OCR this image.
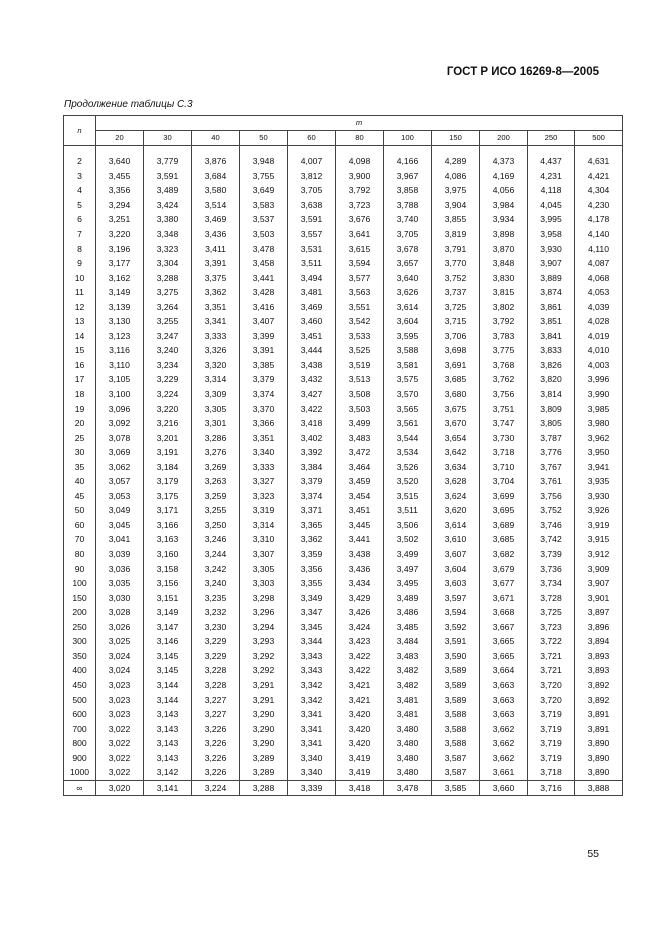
ГОСТ Р ИСО 16269-8—2005
Продолжение таблицы С.3
n	m										
	20	30	40	50	60	80	100	150	200	250	500

2	3,640	3,779	3,876	3,948	4,007	4,098	4,166	4,289	4,373	4,437	4,631
3	3,455	3,591	3,684	3,755	3,812	3,900	3,967	4,086	4,169	4,231	4,421
4	3,356	3,489	3,580	3,649	3,705	3,792	3,858	3,975	4,056	4,118	4,304
5	3,294	3,424	3,514	3,583	3,638	3,723	3,788	3,904	3,984	4,045	4,230
6	3,251	3,380	3,469	3,537	3,591	3,676	3,740	3,855	3,934	3,995	4,178
7	3,220	3,348	3,436	3,503	3,557	3,641	3,705	3,819	3,898	3,958	4,140
8	3,196	3,323	3,411	3,478	3,531	3,615	3,678	3,791	3,870	3,930	4,110
9	3,177	3,304	3,391	3,458	3,511	3,594	3,657	3,770	3,848	3,907	4,087
10	3,162	3,288	3,375	3,441	3,494	3,577	3,640	3,752	3,830	3,889	4,068
11	3,149	3,275	3,362	3,428	3,481	3,563	3,626	3,737	3,815	3,874	4,053
12	3,139	3,264	3,351	3,416	3,469	3,551	3,614	3,725	3,802	3,861	4,039
13	3,130	3,255	3,341	3,407	3,460	3,542	3,604	3,715	3,792	3,851	4,028
14	3,123	3,247	3,333	3,399	3,451	3,533	3,595	3,706	3,783	3,841	4,019
15	3,116	3,240	3,326	3,391	3,444	3,525	3,588	3,698	3,775	3,833	4,010
16	3,110	3,234	3,320	3,385	3,438	3,519	3,581	3,691	3,768	3,826	4,003
17	3,105	3,229	3,314	3,379	3,432	3,513	3,575	3,685	3,762	3,820	3,996
18	3,100	3,224	3,309	3,374	3,427	3,508	3,570	3,680	3,756	3,814	3,990
19	3,096	3,220	3,305	3,370	3,422	3,503	3,565	3,675	3,751	3,809	3,985
20	3,092	3,216	3,301	3,366	3,418	3,499	3,561	3,670	3,747	3,805	3,980
25	3,078	3,201	3,286	3,351	3,402	3,483	3,544	3,654	3,730	3,787	3,962
30	3,069	3,191	3,276	3,340	3,392	3,472	3,534	3,642	3,718	3,776	3,950
35	3,062	3,184	3,269	3,333	3,384	3,464	3,526	3,634	3,710	3,767	3,941
40	3,057	3,179	3,263	3,327	3,379	3,459	3,520	3,628	3,704	3,761	3,935
45	3,053	3,175	3,259	3,323	3,374	3,454	3,515	3,624	3,699	3,756	3,930
50	3,049	3,171	3,255	3,319	3,371	3,451	3,511	3,620	3,695	3,752	3,926
60	3,045	3,166	3,250	3,314	3,365	3,445	3,506	3,614	3,689	3,746	3,919
70	3,041	3,163	3,246	3,310	3,362	3,441	3,502	3,610	3,685	3,742	3,915
80	3,039	3,160	3,244	3,307	3,359	3,438	3,499	3,607	3,682	3,739	3,912
90	3,036	3,158	3,242	3,305	3,356	3,436	3,497	3,604	3,679	3,736	3,909
100	3,035	3,156	3,240	3,303	3,355	3,434	3,495	3,603	3,677	3,734	3,907
150	3,030	3,151	3,235	3,298	3,349	3,429	3,489	3,597	3,671	3,728	3,901
200	3,028	3,149	3,232	3,296	3,347	3,426	3,486	3,594	3,668	3,725	3,897
250	3,026	3,147	3,230	3,294	3,345	3,424	3,485	3,592	3,667	3,723	3,896
300	3,025	3,146	3,229	3,293	3,344	3,423	3,484	3,591	3,665	3,722	3,894
350	3,024	3,145	3,229	3,292	3,343	3,422	3,483	3,590	3,665	3,721	3,893
400	3,024	3,145	3,228	3,292	3,343	3,422	3,482	3,589	3,664	3,721	3,893
450	3,023	3,144	3,228	3,291	3,342	3,421	3,482	3,589	3,663	3,720	3,892
500	3,023	3,144	3,227	3,291	3,342	3,421	3,481	3,589	3,663	3,720	3,892
600	3,023	3,143	3,227	3,290	3,341	3,420	3,481	3,588	3,663	3,719	3,891
700	3,022	3,143	3,226	3,290	3,341	3,420	3,480	3,588	3,662	3,719	3,891
800	3,022	3,143	3,226	3,290	3,341	3,420	3,480	3,588	3,662	3,719	3,890
900	3,022	3,143	3,226	3,289	3,340	3,419	3,480	3,587	3,662	3,719	3,890
1000	3,022	3,142	3,226	3,289	3,340	3,419	3,480	3,587	3,661	3,718	3,890
∞	3,020	3,141	3,224	3,288	3,339	3,418	3,478	3,585	3,660	3,716	3,888
55
